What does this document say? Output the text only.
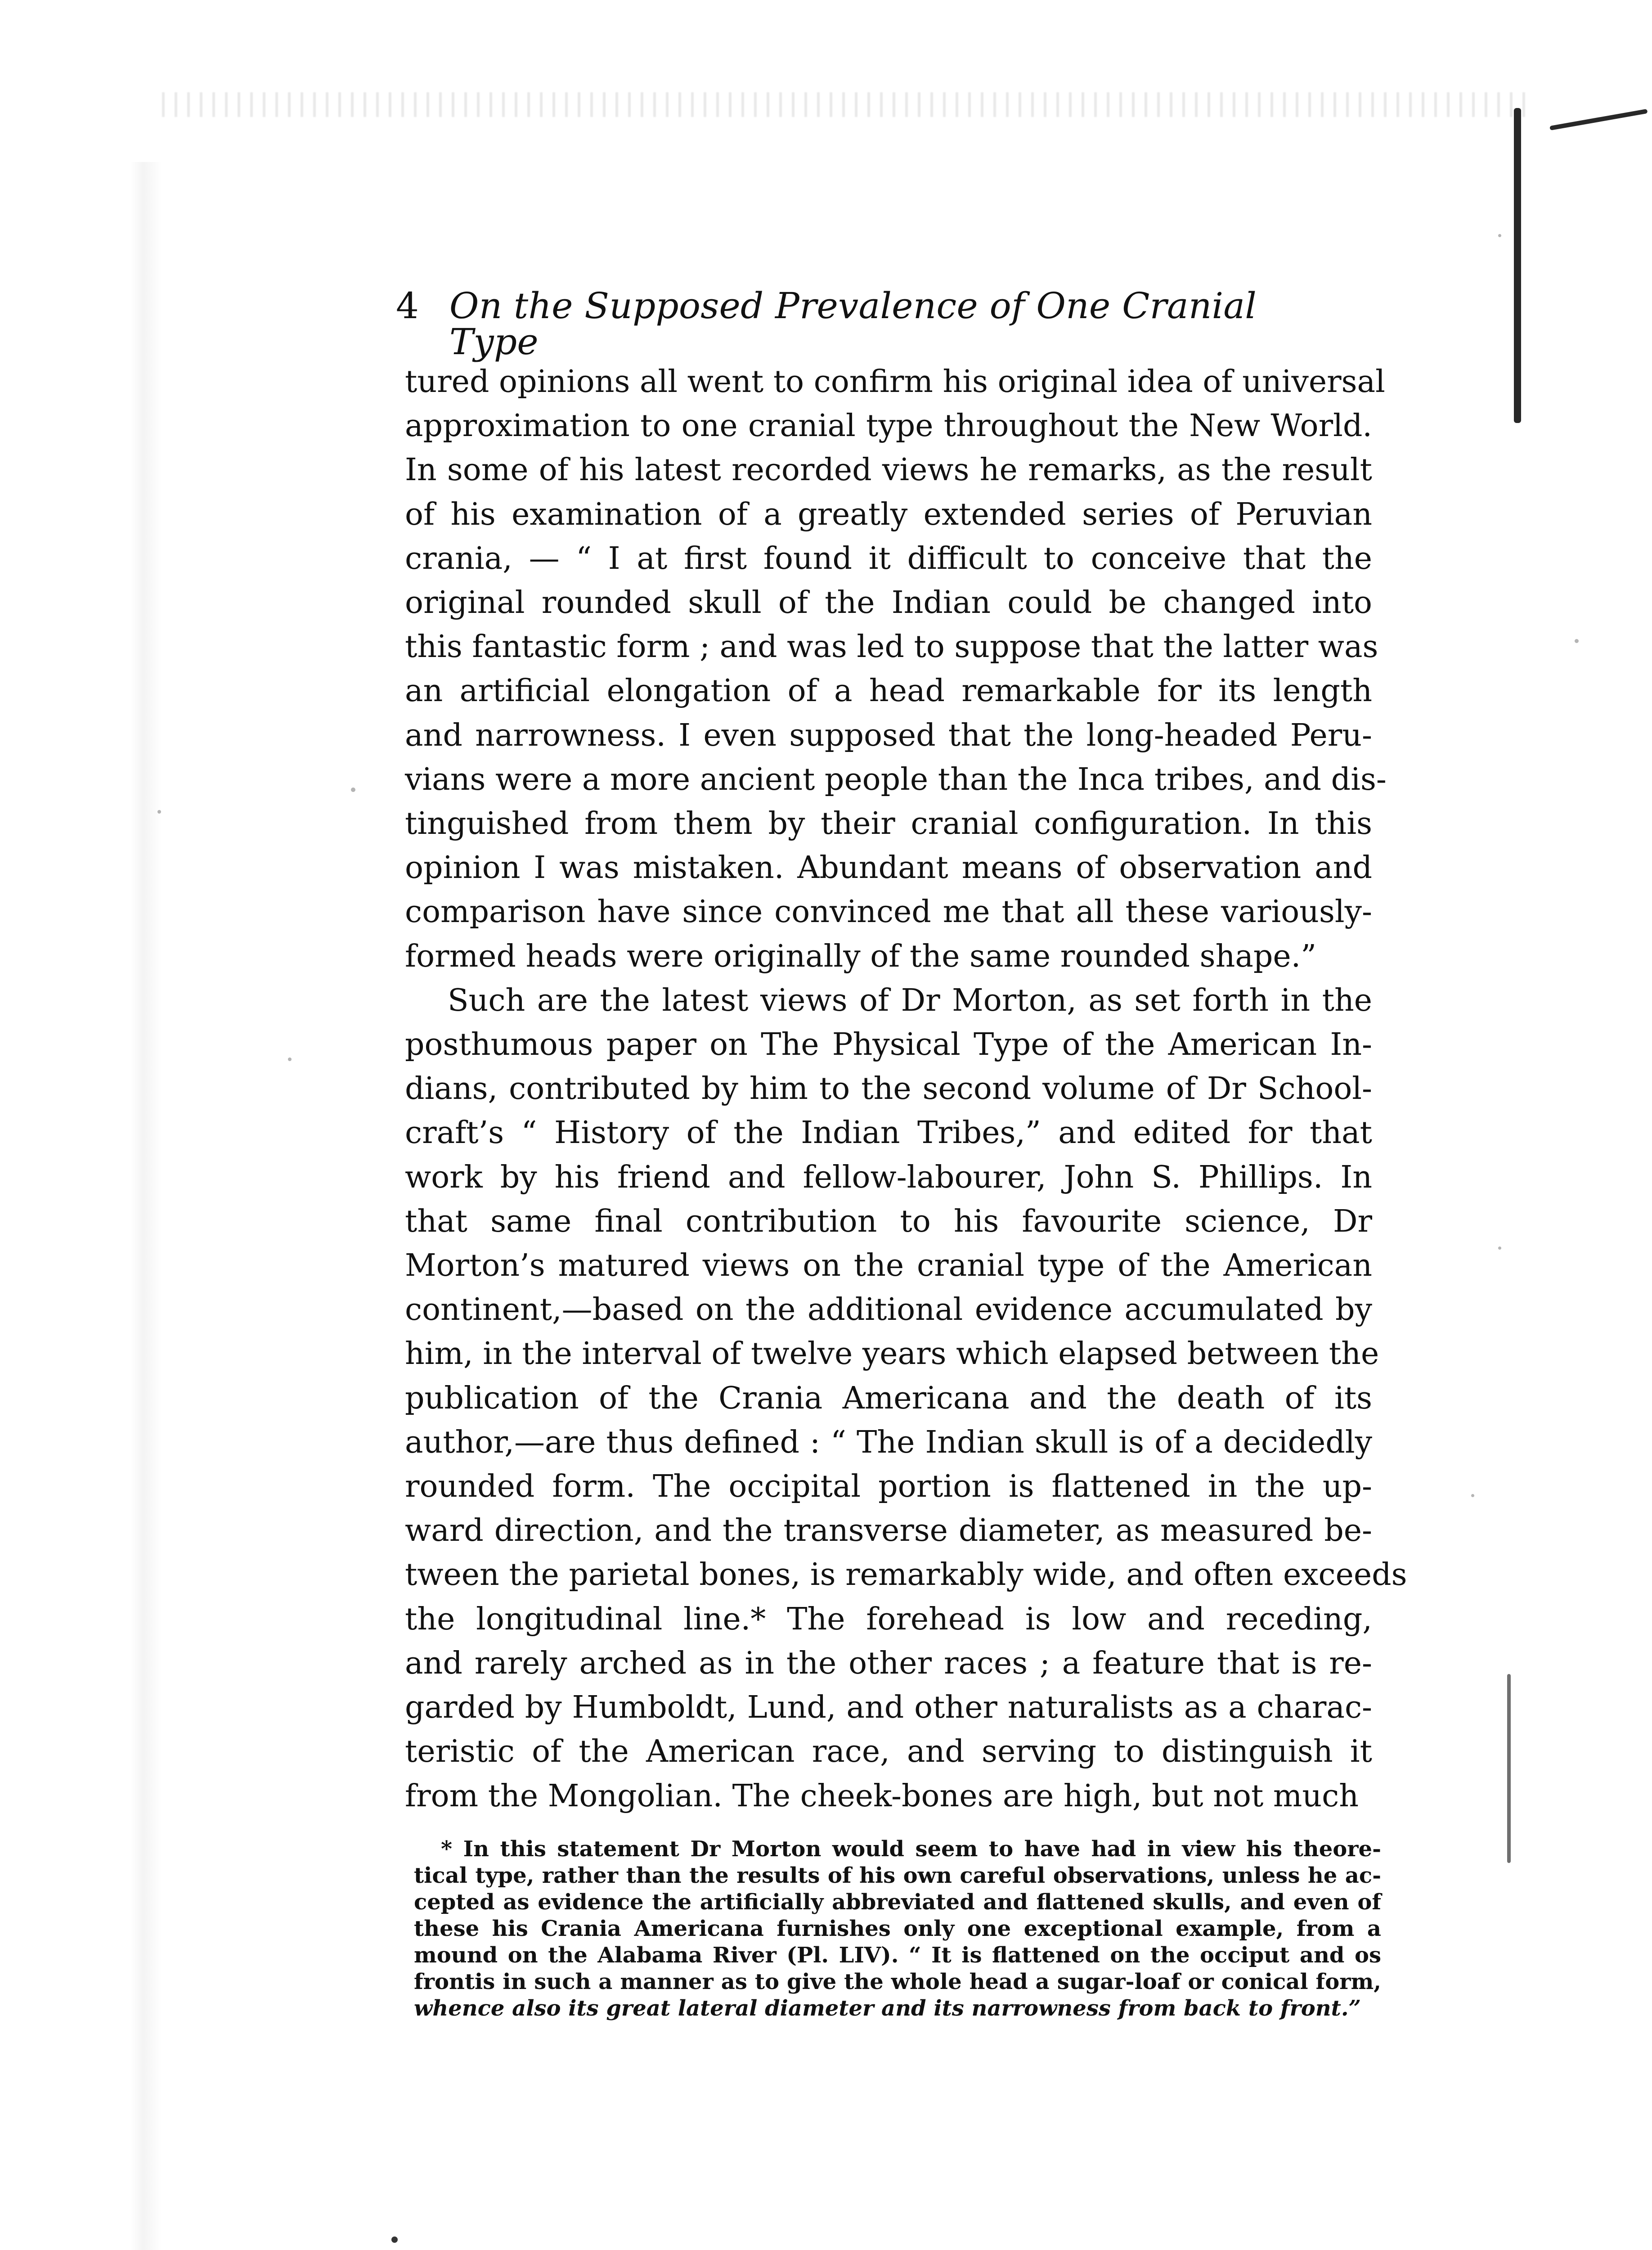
4 On the Supposed Prevalence of One Cranial Type
tured opinions all went to confirm his original idea of universal
approximation to one cranial type throughout the New World.
In some of his latest recorded views he remarks, as the result
of his examination of a greatly extended series of Peruvian
crania, — “ I at first found it difficult to conceive that the
original rounded skull of the Indian could be changed into
this fantastic form ; and was led to suppose that the latter was
an artificial elongation of a head remarkable for its length
and narrowness. I even supposed that the long-headed Peru-
vians were a more ancient people than the Inca tribes, and dis-
tinguished from them by their cranial configuration. In this
opinion I was mistaken. Abundant means of observation and
comparison have since convinced me that all these variously-
formed heads were originally of the same rounded shape.”
Such are the latest views of Dr Morton, as set forth in the
posthumous paper on The Physical Type of the American In-
dians, contributed by him to the second volume of Dr School-
craft’s “ History of the Indian Tribes,” and edited for that
work by his friend and fellow-labourer, John S. Phillips. In
that same final contribution to his favourite science, Dr
Morton’s matured views on the cranial type of the American
continent,—based on the additional evidence accumulated by
him, in the interval of twelve years which elapsed between the
publication of the Crania Americana and the death of its
author,—are thus defined : “ The Indian skull is of a decidedly
rounded form. The occipital portion is flattened in the up-
ward direction, and the transverse diameter, as measured be-
tween the parietal bones, is remarkably wide, and often exceeds
the longitudinal line.* The forehead is low and receding,
and rarely arched as in the other races ; a feature that is re-
garded by Humboldt, Lund, and other naturalists as a charac-
teristic of the American race, and serving to distinguish it
from the Mongolian. The cheek-bones are high, but not much
* In this statement Dr Morton would seem to have had in view his theore-
tical type, rather than the results of his own careful observations, unless he ac-
cepted as evidence the artificially abbreviated and flattened skulls, and even of
these his Crania Americana furnishes only one exceptional example, from a
mound on the Alabama River (Pl. LIV). “ It is flattened on the occiput and os
frontis in such a manner as to give the whole head a sugar-loaf or conical form,
whence also its great lateral diameter and its narrowness from back to front.”
